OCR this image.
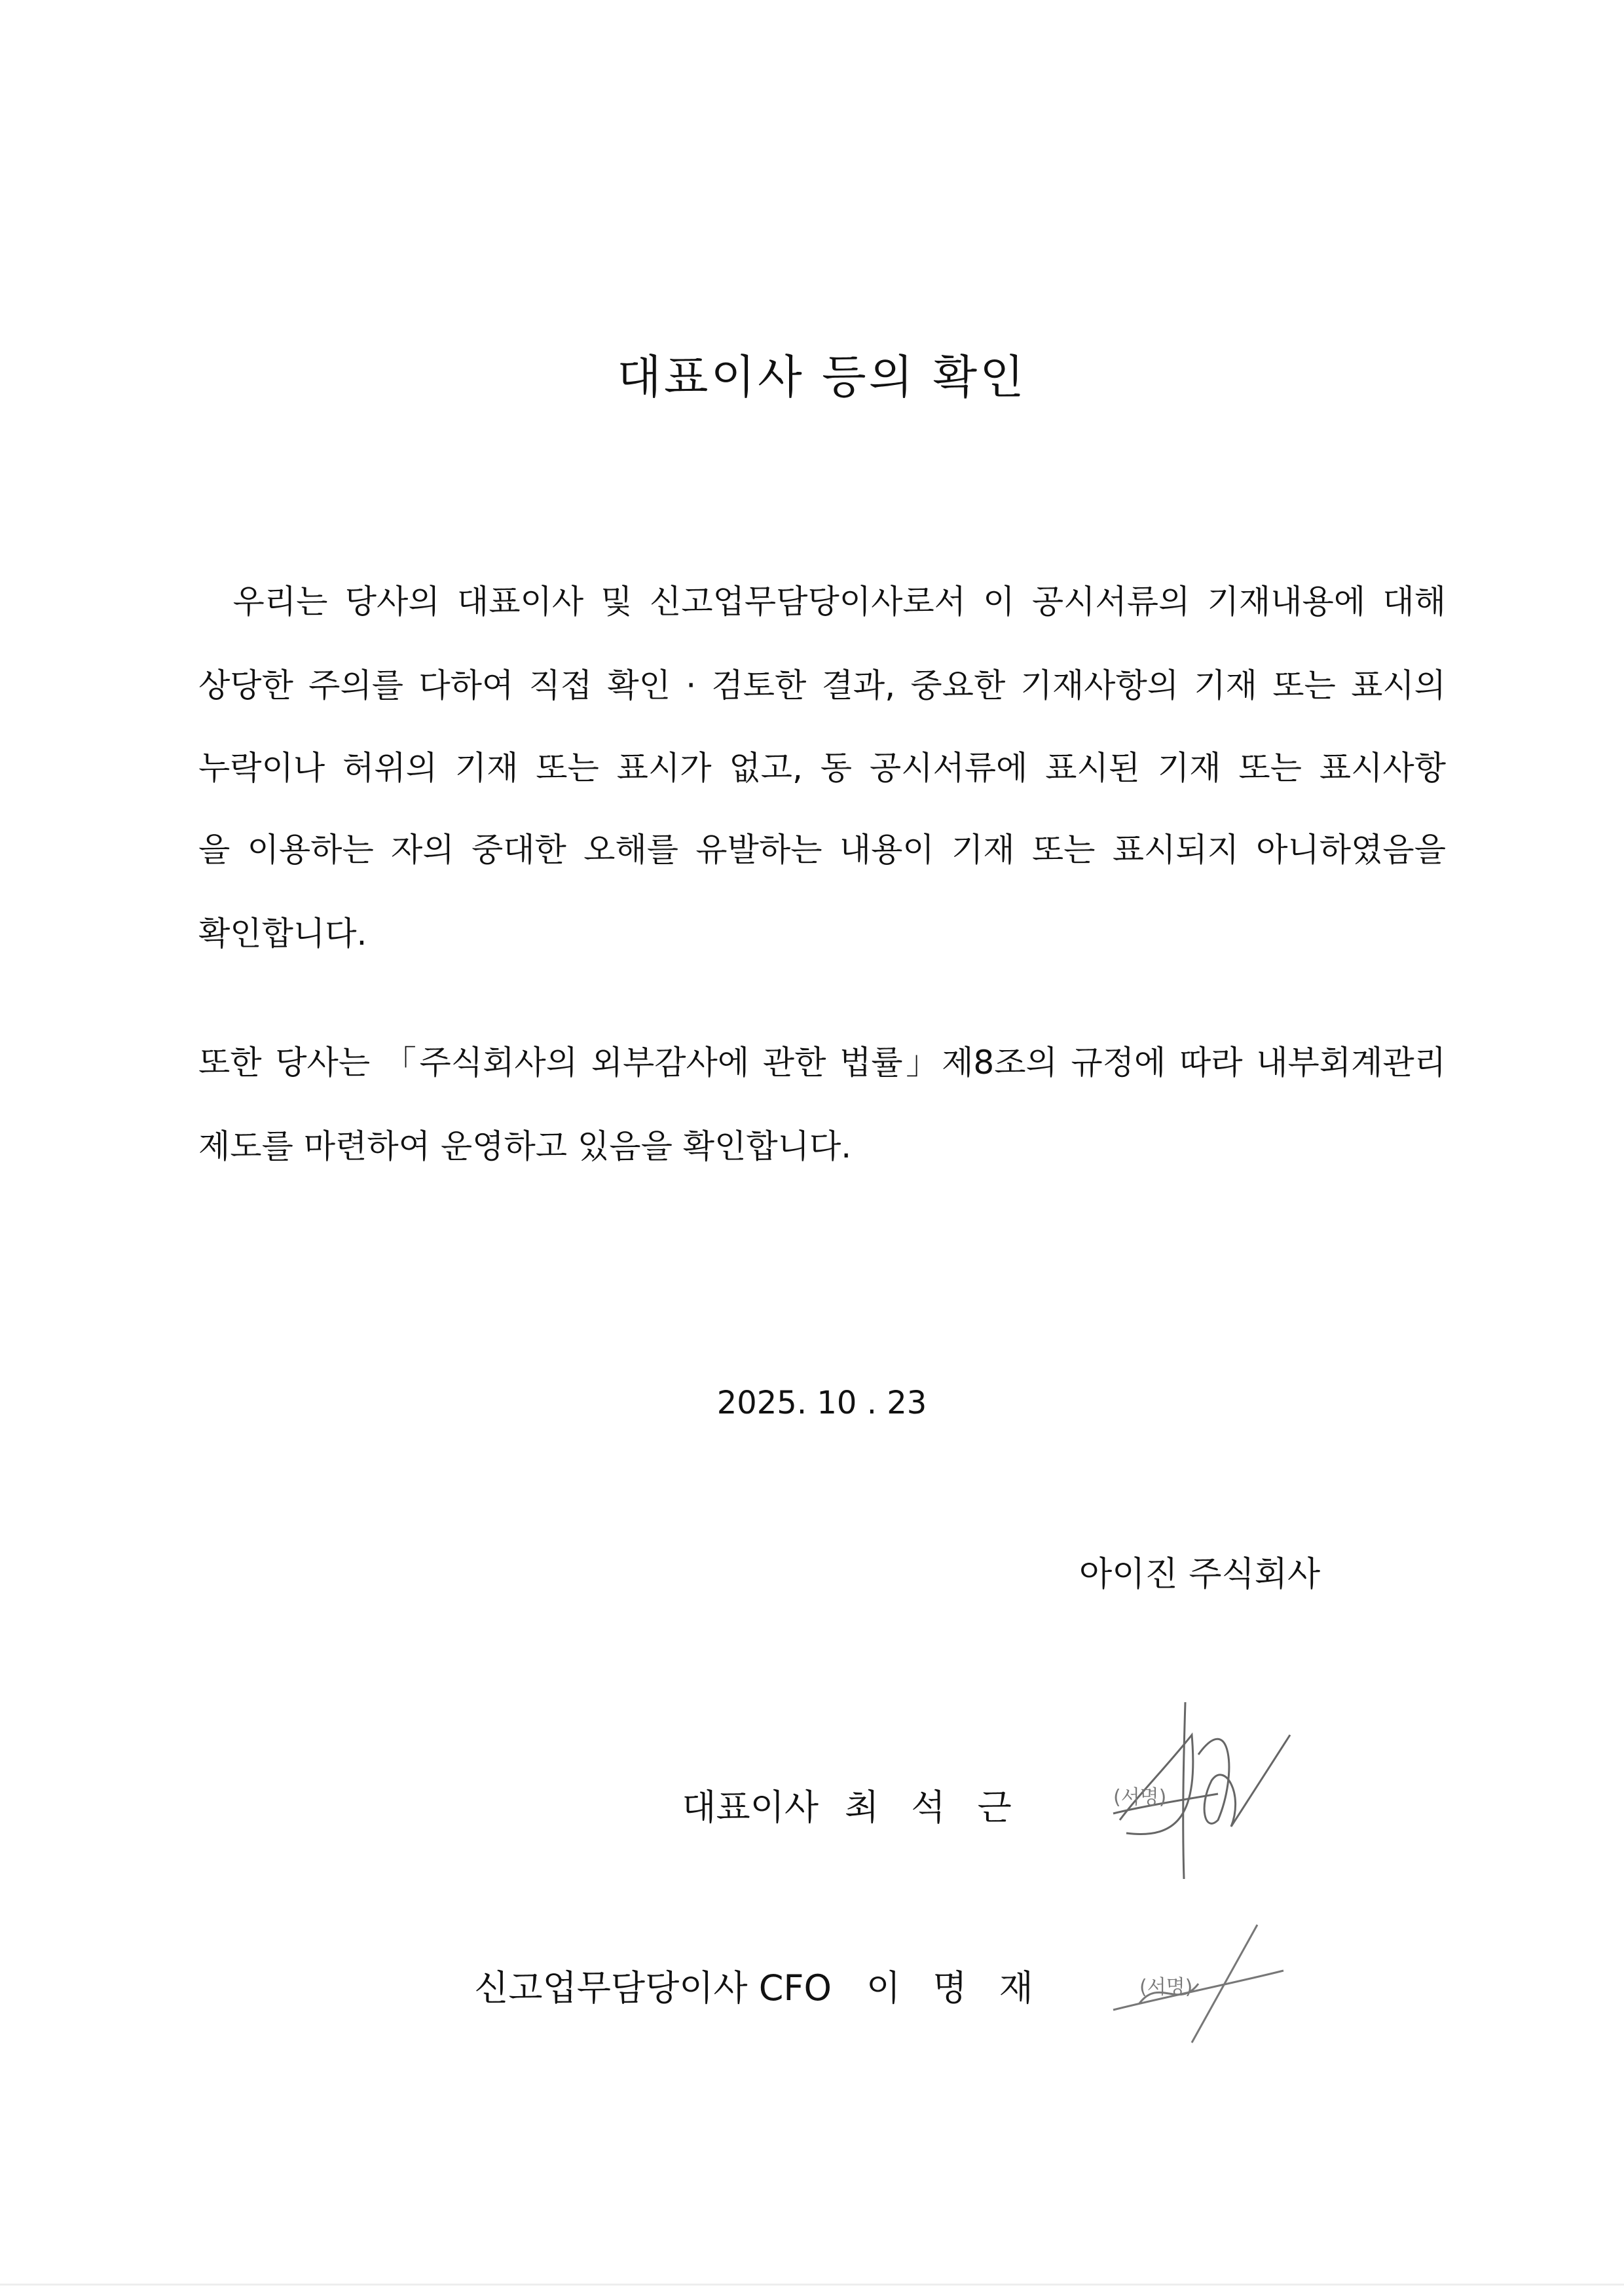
대표이사 등의 확인
우리는 당사의 대표이사 및 신고업무담당이사로서 이 공시서류의 기재내용에 대해
상당한 주의를 다하여 직접 확인 · 검토한 결과, 중요한 기재사항의 기재 또는 표시의
누락이나 허위의 기재 또는 표시가 없고, 동 공시서류에 표시된 기재 또는 표시사항
을 이용하는 자의 중대한 오해를 유발하는 내용이 기재 또는 표시되지 아니하였음을
확인합니다.
또한 당사는 「주식회사의 외부감사에 관한 법률」제8조의 규정에 따라 내부회계관리
제도를 마련하여 운영하고 있음을 확인합니다.
2025. 10 . 23
아이진 주식회사
대표이사 최 석 근	(서명)
신고업무담당이사 CFO 이 명 재	(서명)
